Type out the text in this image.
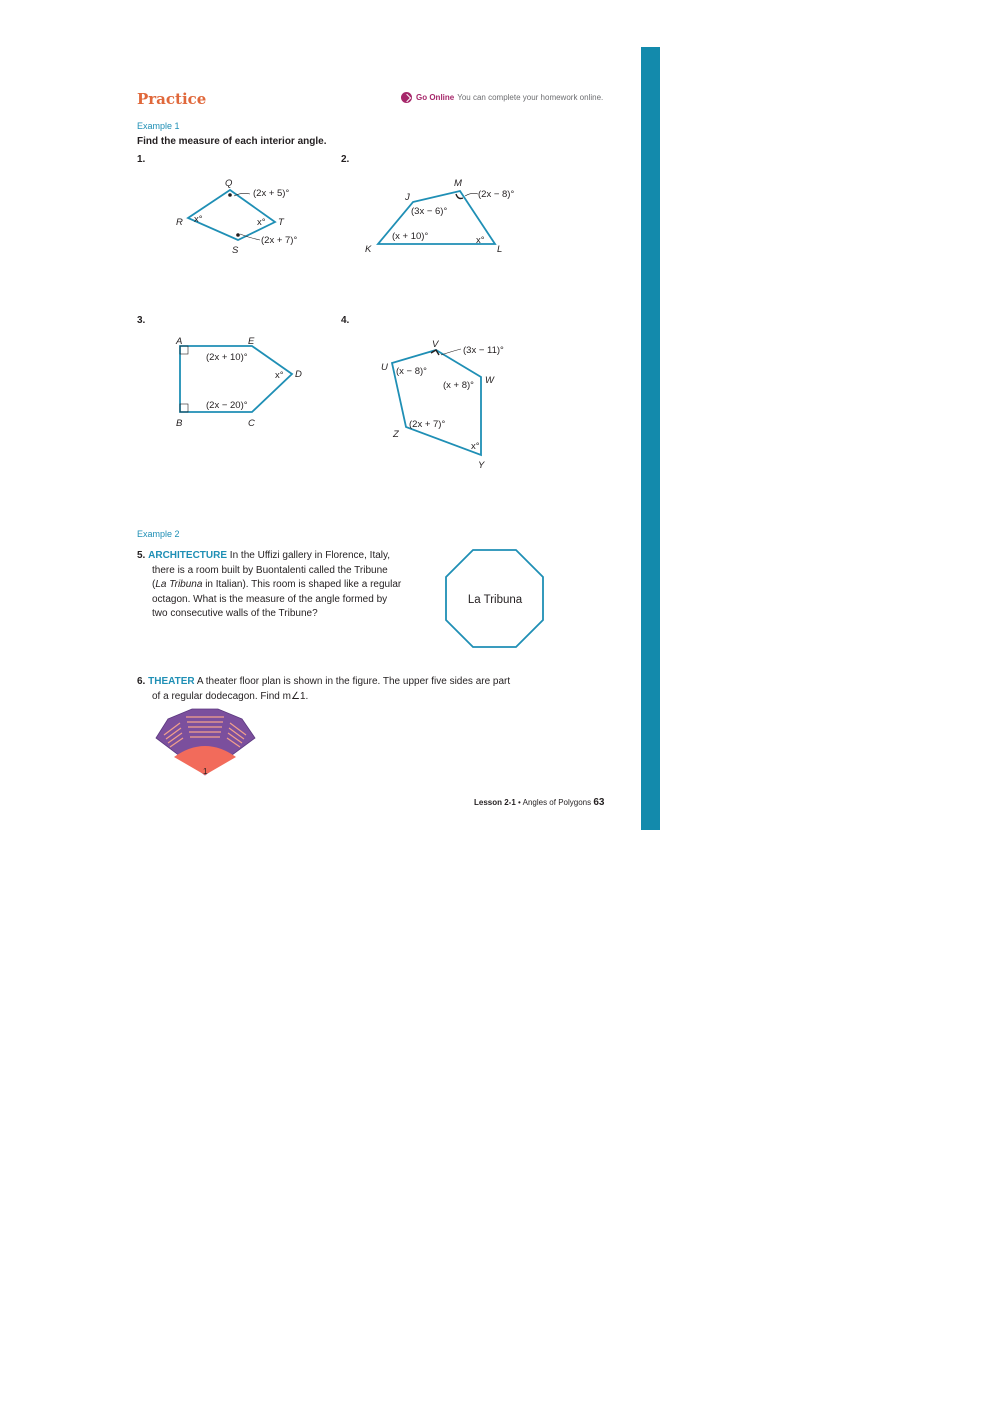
Practice	Go Online You can complete your homework online.
Example 1
Find the measure of each interior angle.
1.
Q
R
S
T
(2x + 5)°
x°	x°
(2x + 7)°
2.
M
J
K	L
(2x − 8)°
(3x − 6)°
(x + 10)°	x°
3.
A	E
D
B	C
(2x + 10)°
x°
(2x − 20)°
4.
V
U
W
Z
Y
(3x − 11)°
(x − 8)°
(x + 8)°
(2x + 7)°
x°
Example 2
5. ARCHITECTURE In the Uffizi gallery in Florence, Italy,
there is a room built by Buontalenti called the Tribune
(La Tribuna in Italian). This room is shaped like a regular
octagon. What is the measure of the angle formed by
two consecutive walls of the Tribune?
La Tribuna
6. THEATER A theater floor plan is shown in the figure. The upper five sides are part
of a regular dodecagon. Find m∠1.
1
Lesson 2-1 • Angles of Polygons 63
